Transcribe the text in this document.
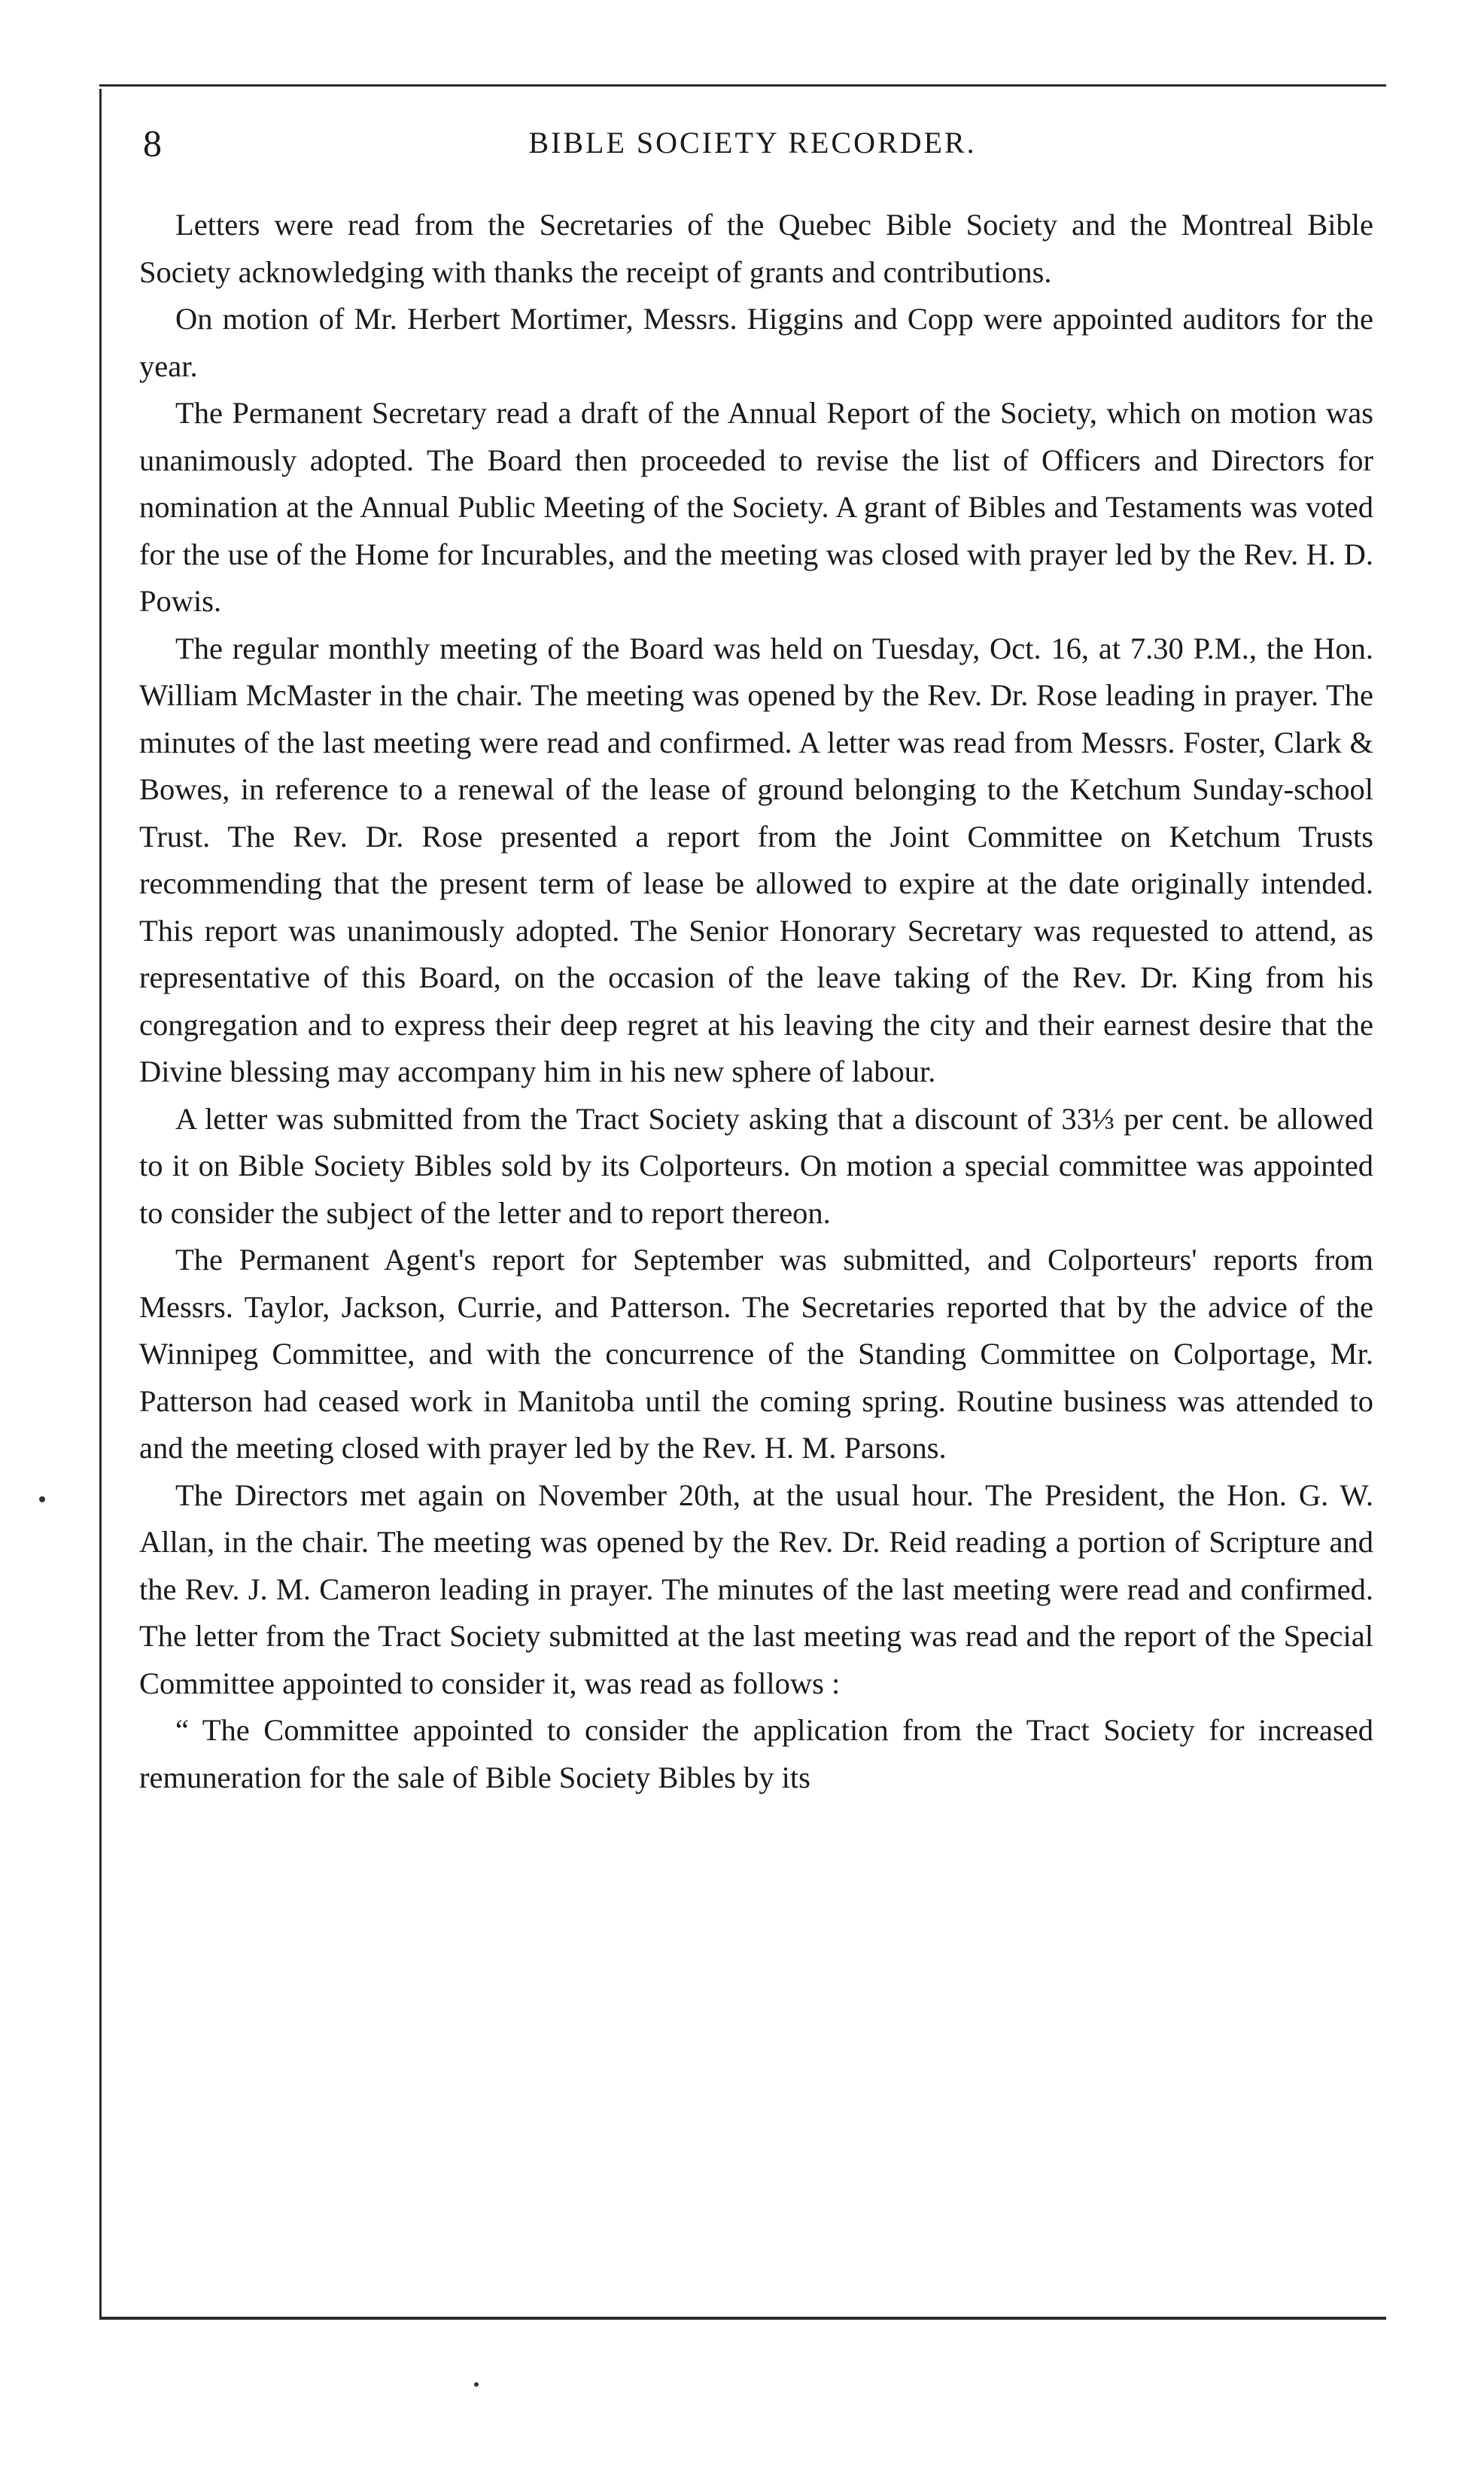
8	BIBLE SOCIETY RECORDER.

Letters were read from the Secretaries of the Quebec Bible Society and the Montreal Bible Society acknowledging with thanks the receipt of grants and contributions.

On motion of Mr. Herbert Mortimer, Messrs. Higgins and Copp were appointed auditors for the year.

The Permanent Secretary read a draft of the Annual Report of the Society, which on motion was unanimously adopted. The Board then proceeded to revise the list of Officers and Directors for nomination at the Annual Public Meeting of the Society. A grant of Bibles and Testaments was voted for the use of the Home for Incurables, and the meeting was closed with prayer led by the Rev. H. D. Powis.

The regular monthly meeting of the Board was held on Tuesday, Oct. 16, at 7.30 P.M., the Hon. William McMaster in the chair. The meeting was opened by the Rev. Dr. Rose leading in prayer. The minutes of the last meeting were read and confirmed. A letter was read from Messrs. Foster, Clark & Bowes, in reference to a renewal of the lease of ground belonging to the Ketchum Sunday-school Trust. The Rev. Dr. Rose presented a report from the Joint Committee on Ketchum Trusts recommending that the present term of lease be allowed to expire at the date originally intended. This report was unanimously adopted. The Senior Honorary Secretary was requested to attend, as representative of this Board, on the occasion of the leave taking of the Rev. Dr. King from his congregation and to express their deep regret at his leaving the city and their earnest desire that the Divine blessing may accompany him in his new sphere of labour.

A letter was submitted from the Tract Society asking that a discount of 33⅓ per cent. be allowed to it on Bible Society Bibles sold by its Colporteurs. On motion a special committee was appointed to consider the subject of the letter and to report thereon.

The Permanent Agent's report for September was submitted, and Colporteurs' reports from Messrs. Taylor, Jackson, Currie, and Patterson. The Secretaries reported that by the advice of the Winnipeg Committee, and with the concurrence of the Standing Committee on Colportage, Mr. Patterson had ceased work in Manitoba until the coming spring. Routine business was attended to and the meeting closed with prayer led by the Rev. H. M. Parsons.

The Directors met again on November 20th, at the usual hour. The President, the Hon. G. W. Allan, in the chair. The meeting was opened by the Rev. Dr. Reid reading a portion of Scripture and the Rev. J. M. Cameron leading in prayer. The minutes of the last meeting were read and confirmed. The letter from the Tract Society submitted at the last meeting was read and the report of the Special Committee appointed to consider it, was read as follows :

“ The Committee appointed to consider the application from the Tract Society for increased remuneration for the sale of Bible Society Bibles by its
